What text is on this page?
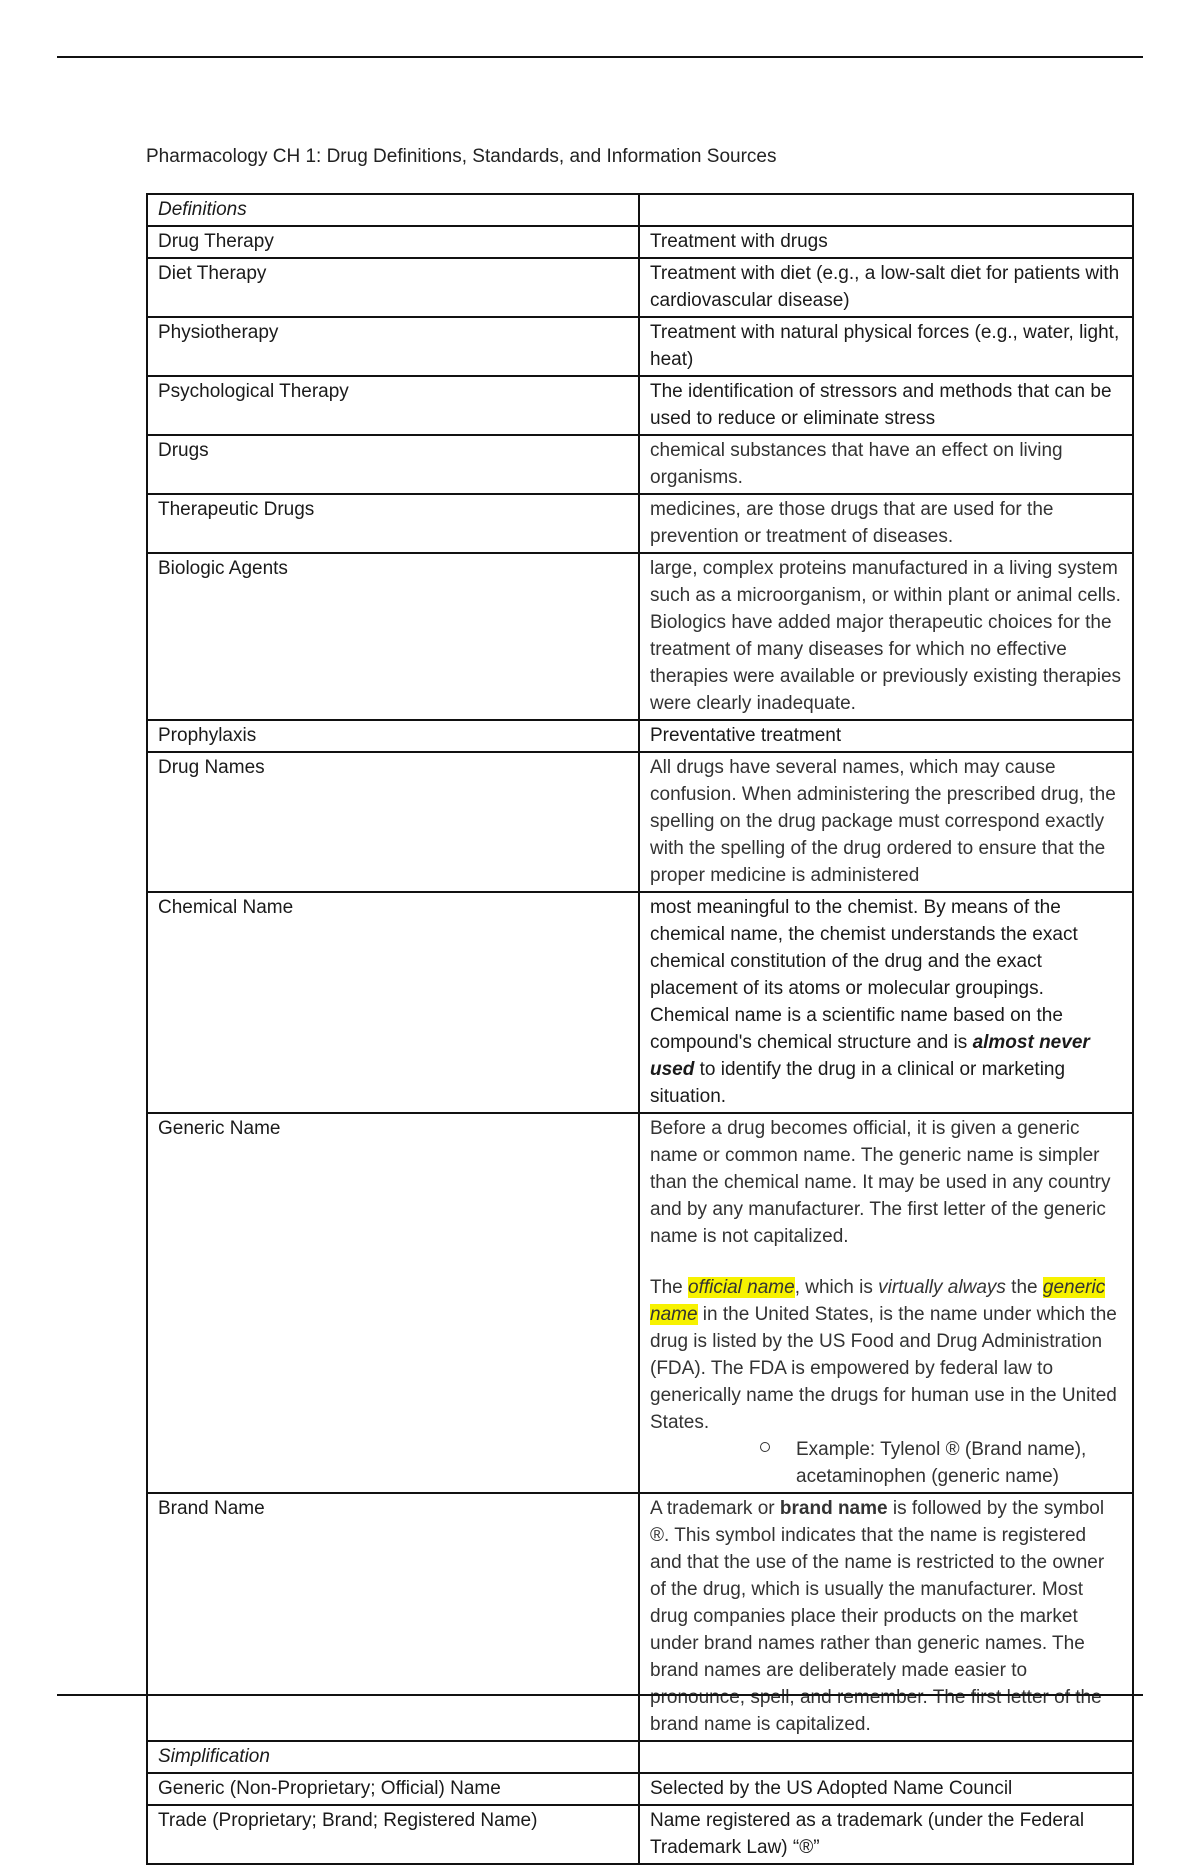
Pharmacology CH 1: Drug Definitions, Standards, and Information Sources
Definitions	
Drug Therapy	Treatment with drugs
Diet Therapy	Treatment with diet (e.g., a low-salt diet for patients with cardiovascular disease)
Physiotherapy	Treatment with natural physical forces (e.g., water, light, heat)
Psychological Therapy	The identification of stressors and methods that can be used to reduce or eliminate stress
Drugs	chemical substances that have an effect on living organisms.
Therapeutic Drugs	medicines, are those drugs that are used for the prevention or treatment of diseases.
Biologic Agents	large, complex proteins manufactured in a living system such as a microorganism, or within plant or animal cells. Biologics have added major therapeutic choices for the treatment of many diseases for which no effective therapies were available or previously existing therapies were clearly inadequate.
Prophylaxis	Preventative treatment
Drug Names	All drugs have several names, which may cause confusion. When administering the prescribed drug, the spelling on the drug package must correspond exactly with the spelling of the drug ordered to ensure that the proper medicine is administered
Chemical Name	most meaningful to the chemist. By means of the chemical name, the chemist understands the exact chemical constitution of the drug and the exact placement of its atoms or molecular groupings.
Chemical name is a scientific name based on the compound's chemical structure and is almost never used to identify the drug in a clinical or marketing situation.

Generic Name	Before a drug becomes official, it is given a generic name or common name. The generic name is simpler than the chemical name. It may be used in any country and by any manufacturer. The first letter of the generic name is not capitalized.
The official name, which is virtually always the generic name in the United States, is the name under which the drug is listed by the US Food and Drug Administration (FDA). The FDA is empowered by federal law to generically name the drugs for human use in the United States.
Example: Tylenol ® (Brand name), acetaminophen (generic name)

Brand Name	A trademark or brand name is followed by the symbol ®. This symbol indicates that the name is registered and that the use of the name is restricted to the owner of the drug, which is usually the manufacturer. Most drug companies place their products on the market under brand names rather than generic names. The brand names are deliberately made easier to pronounce, spell, and remember. The first letter of the brand name is capitalized.
Simplification	
Generic (Non-Proprietary; Official) Name	Selected by the US Adopted Name Council
Trade (Proprietary; Brand; Registered Name)	Name registered as a trademark (under the Federal Trademark Law) “®”
